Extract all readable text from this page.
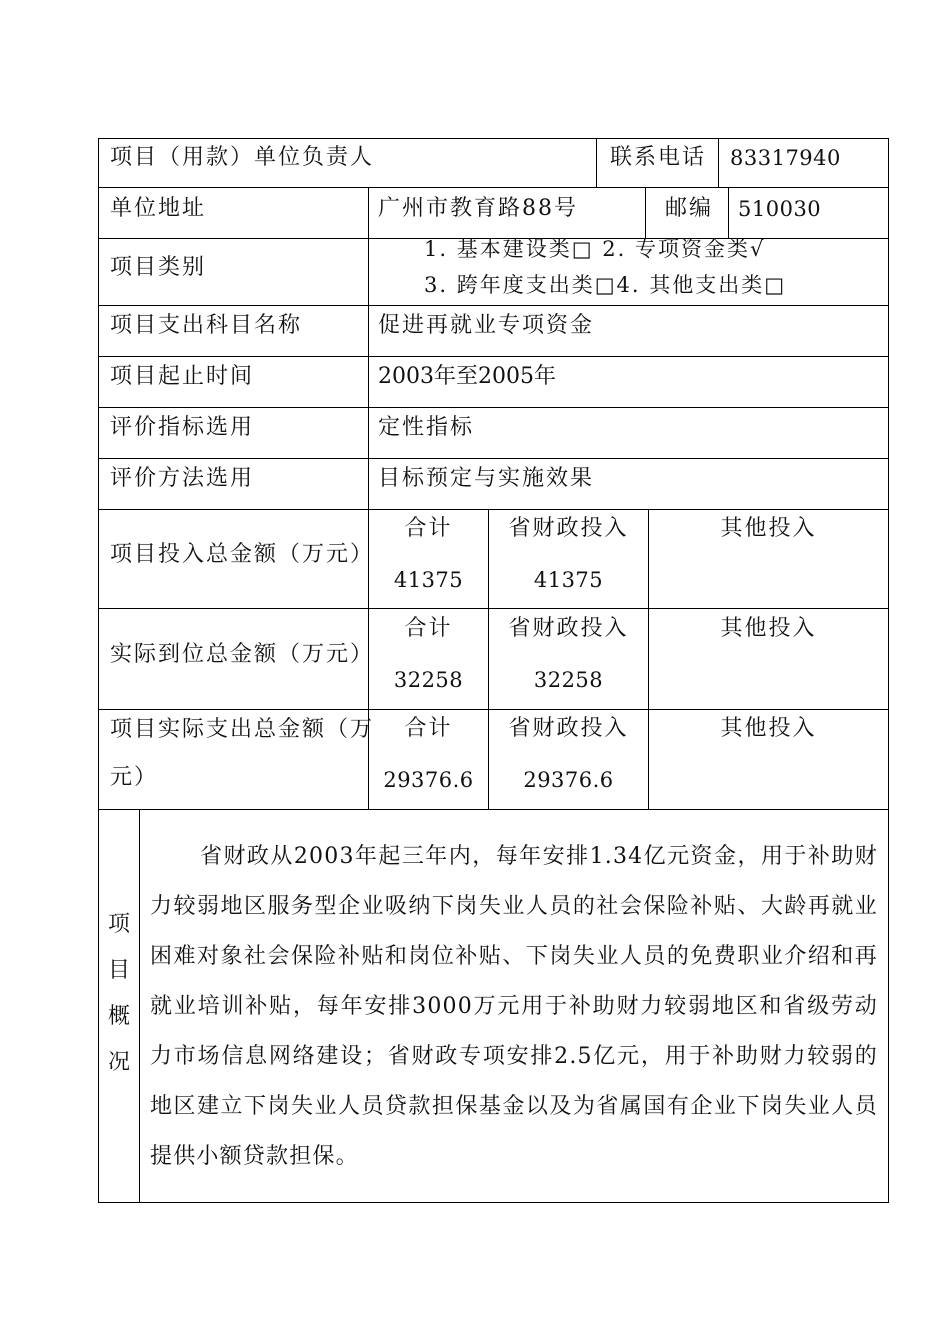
项目（用款）单位负责人	联系电话 83317940
单位地址	广州市教育路88号	邮编 510030
项目类别
1. 基本建设类□ 2. 专项资金类√
3. 跨年度支出类□4. 其他支出类□
项目支出科目名称	促进再就业专项资金
项目起止时间	2003年至2005年
评价指标选用	定性指标
评价方法选用	目标预定与实施效果
项目投入总金额（万元）
合计	省财政投入	其他投入
41375	41375
实际到位总金额（万元）
合计	省财政投入	其他投入
32258	32258
项目实际支出总金额（万
元）
合计	省财政投入	其他投入
29376.6	29376.6
项
目
概
况
省财政从2003年起三年内，每年安排1.34亿元资金，用于补助财力较弱地区服务型企业吸纳下岗失业人员的社会保险补贴、大龄再就业困难对象社会保险补贴和岗位补贴、下岗失业人员的免费职业介绍和再就业培训补贴，每年安排3000万元用于补助财力较弱地区和省级劳动力市场信息网络建设；省财政专项安排2.5亿元，用于补助财力较弱的地区建立下岗失业人员贷款担保基金以及为省属国有企业下岗失业人员提供小额贷款担保。
